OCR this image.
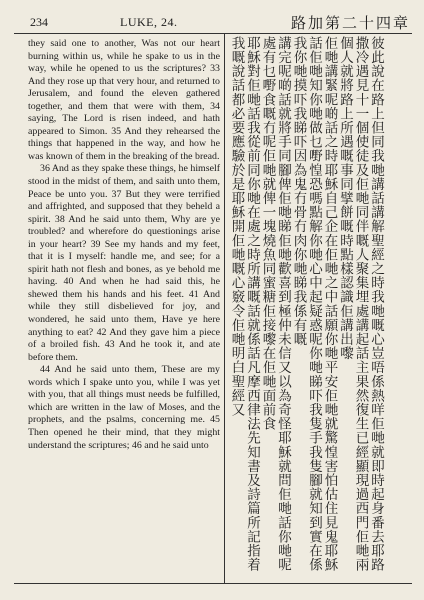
234	LUKE, 24.	路加第二十四章

they said one to another, Was not our heart burning within us, while he spake to us in the way, while he opened to us the scriptures? 33 And they rose up that very hour, and returned to Jerusalem, and found the eleven gathered together, and them that were with them, 34 saying, The Lord is risen indeed, and hath appeared to Simon. 35 And they rehearsed the things that happened in the way, and how he was known of them in the breaking of the bread.

36 And as they spake these things, he himself stood in the midst of them, and saith unto them, Peace be unto you. 37 But they were terrified and affrighted, and supposed that they beheld a spirit. 38 And he said unto them, Why are ye troubled? and wherefore do questionings arise in your heart? 39 See my hands and my feet, that it is I myself: handle me, and see; for a spirit hath not flesh and bones, as ye behold me having. 40 And when he had said this, he shewed them his hands and his feet. 41 And while they still disbelieved for joy, and wondered, he said unto them, Have ye here anything to eat? 42 And they gave him a piece of a broiled fish. 43 And he took it, and ate before them.

44 And he said unto them, These are my words which I spake unto you, while I was yet with you, that all things must needs be fulfilled, which are written in the law of Moses, and the prophets, and the psalms, concerning me. 45 Then opened he their mind, that they might understand the scriptures; 46 and he said unto	彼此說在路上但同我哋講話講解聖經之時我哋嘅心豈唔係熱咩佢哋就即時起身番去耶路撒冷遇見十一個使徒及佢哋同伴嘅人聚集埋處講起話主果然復生已經顯現過西門佢哋兩個人就將路上所遇嘅事同擘餅嘅時點樣認識佢講出嚟

佢哋講緊呢啲話之時耶穌自己企在佢哋之中話願你哋平安佢哋就驚惶害怕估住見鬼耶穌話佢哋知你哋做乜嘢惶恐嗎點解你哋心中起疑惑呢你哋睇吓我隻手我隻腳就知到實在係我你哋摸吓我睇吓因為鬼冇骨冇肉你哋睇我係有嘅

講完呢啲話就將手同腳俾佢哋睇佢哋歡喜到極仲未信又以為奇怪耶穌就問佢哋話你哋呢處有乜嘢食嘅冇呢佢哋就俾一塊燒魚同蜜糖佢接嚟在佢哋面前食

耶穌對佢哋話我從前同你哋在處之時所講嘅話就係話凡摩西律法先知書及詩篇所記指着我嘅說話都必要應驗於是耶穌開佢哋嘅心竅令佢哋明白聖經又
